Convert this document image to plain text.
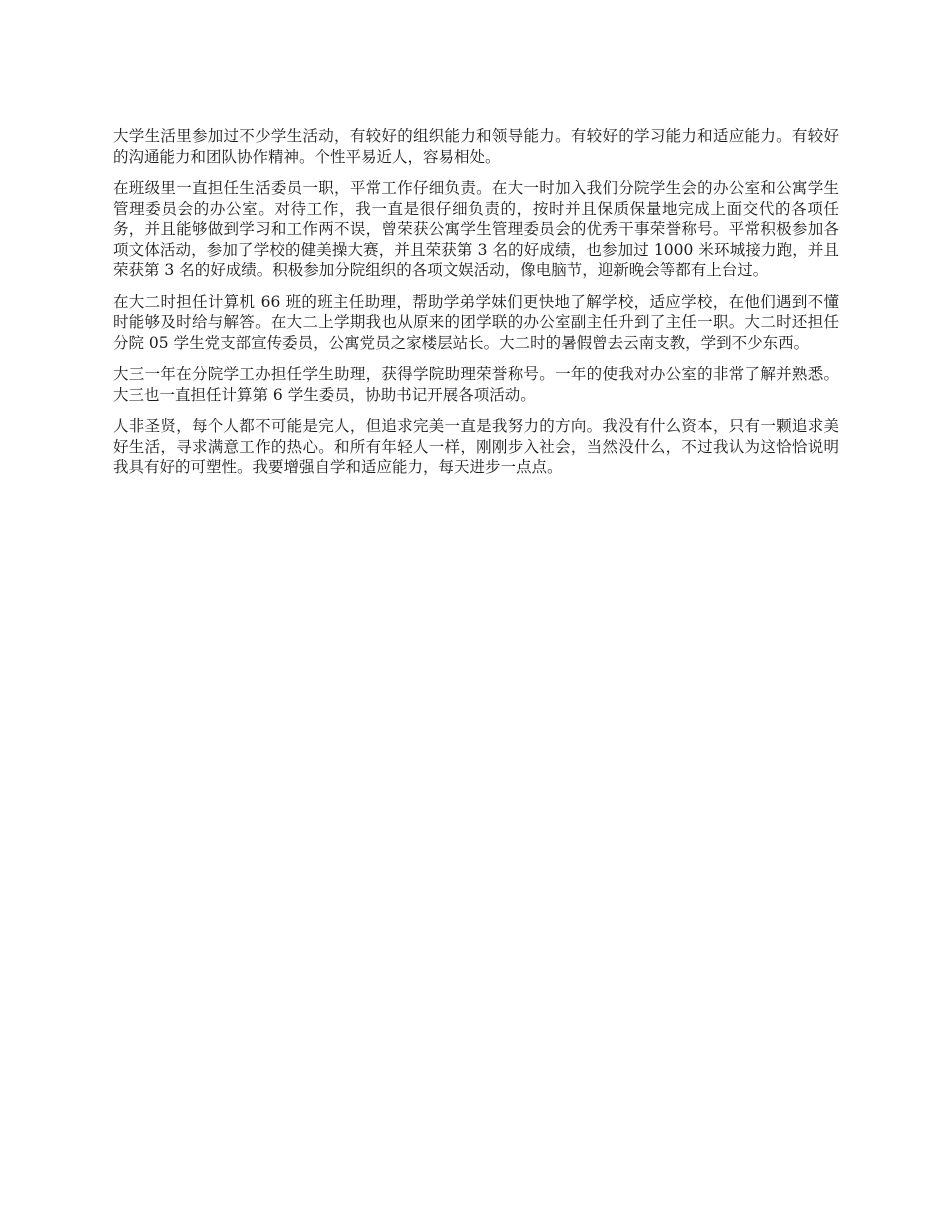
大学生活里参加过不少学生活动，有较好的组织能力和领导能力。有较好的学习能力和适应能力。有较好的沟通能力和团队协作精神。个性平易近人，容易相处。

在班级里一直担任生活委员一职，平常工作仔细负责。在大一时加入我们分院学生会的办公室和公寓学生管理委员会的办公室。对待工作，我一直是很仔细负责的，按时并且保质保量地完成上面交代的各项任务，并且能够做到学习和工作两不误，曾荣获公寓学生管理委员会的优秀干事荣誉称号。平常积极参加各项文体活动，参加了学校的健美操大赛，并且荣获第 3 名的好成绩，也参加过 1000 米环城接力跑，并且荣获第 3 名的好成绩。积极参加分院组织的各项文娱活动，像电脑节，迎新晚会等都有上台过。

在大二时担任计算机 66 班的班主任助理，帮助学弟学妹们更快地了解学校，适应学校，在他们遇到不懂时能够及时给与解答。在大二上学期我也从原来的团学联的办公室副主任升到了主任一职。大二时还担任分院 05 学生党支部宣传委员，公寓党员之家楼层站长。大二时的暑假曾去云南支教，学到不少东西。

大三一年在分院学工办担任学生助理，获得学院助理荣誉称号。一年的使我对办公室的非常了解并熟悉。大三也一直担任计算第 6 学生委员，协助书记开展各项活动。

人非圣贤，每个人都不可能是完人，但追求完美一直是我努力的方向。我没有什么资本，只有一颗追求美好生活，寻求满意工作的热心。和所有年轻人一样，刚刚步入社会，当然没什么，不过我认为这恰恰说明我具有好的可塑性。我要增强自学和适应能力，每天进步一点点。
